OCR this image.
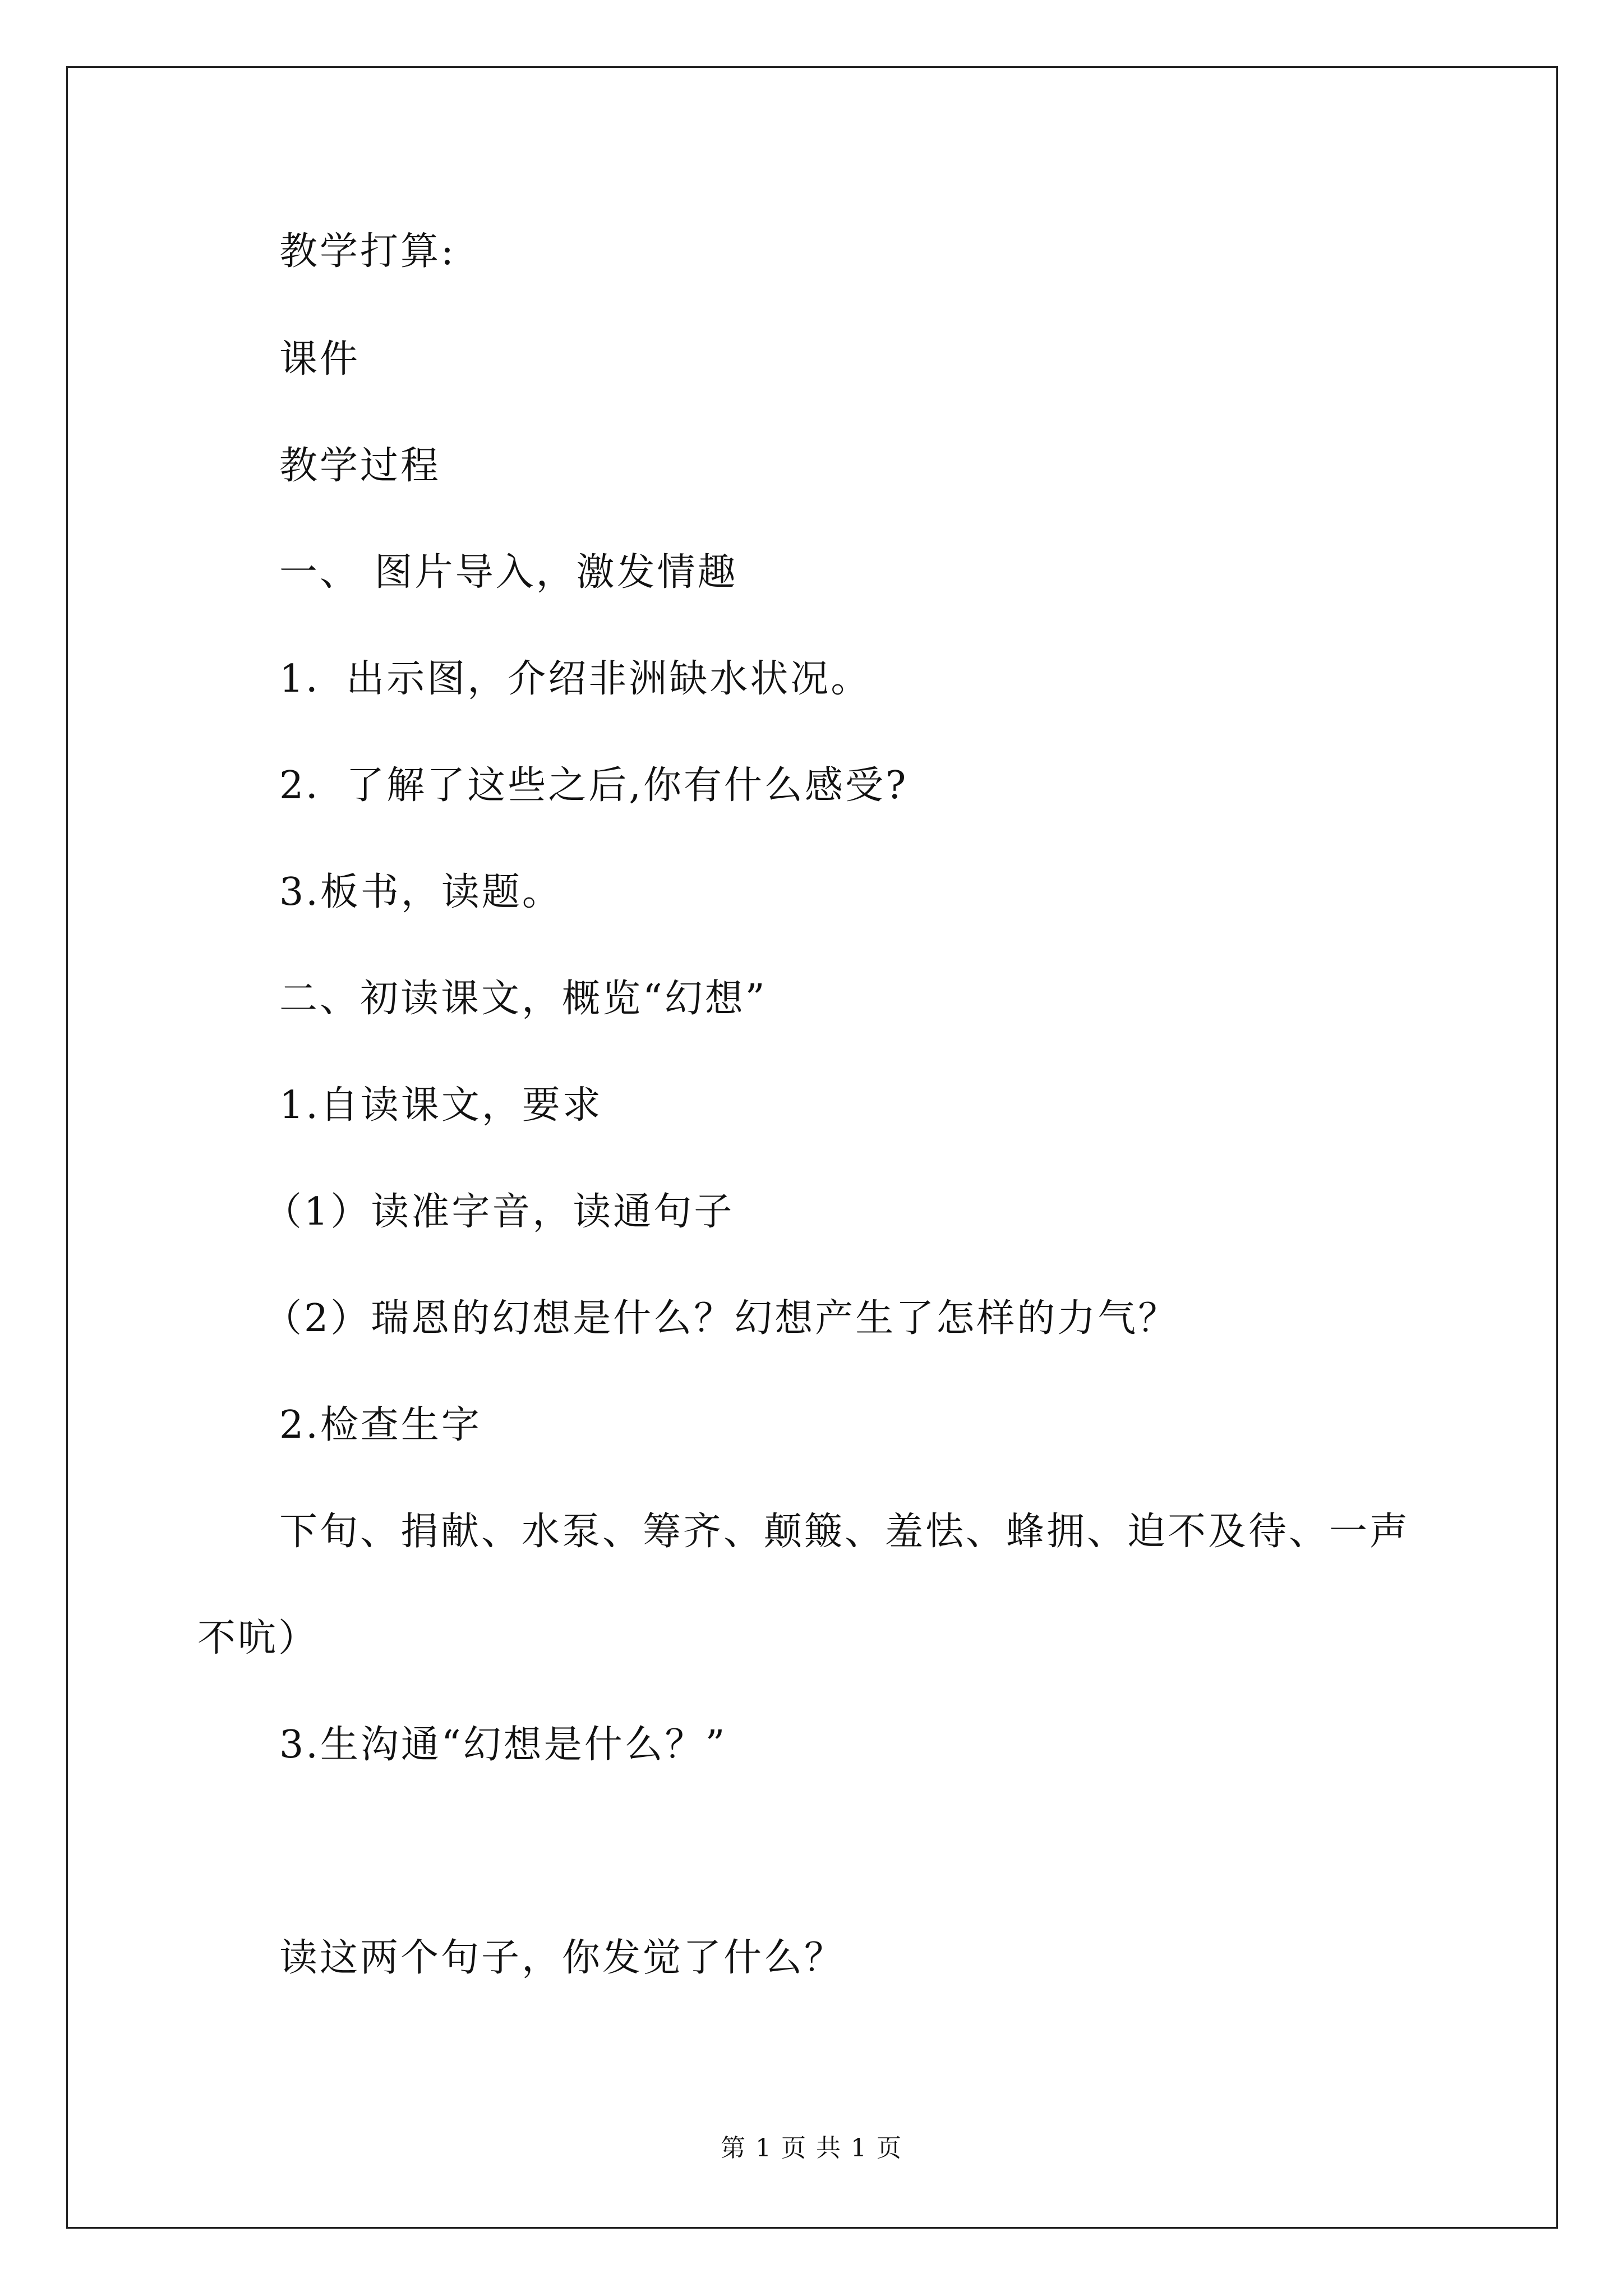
教学打算:
课件
教学过程
一、 图片导入，激发情趣
1．出示图，介绍非洲缺水状况。
2．了解了这些之后,你有什么感受?
3.板书，读题。
二、初读课文，概览“幻想”
1.自读课文，要求
（1）读准字音，读通句子
（2）瑞恩的幻想是什么？幻想产生了怎样的力气？
2.检查生字
下旬、捐献、水泵、筹齐、颠簸、羞怯、蜂拥、迫不及待、一声
不吭）
3.生沟通“幻想是什么？”
读这两个句子，你发觉了什么？
第 1 页 共 1 页
